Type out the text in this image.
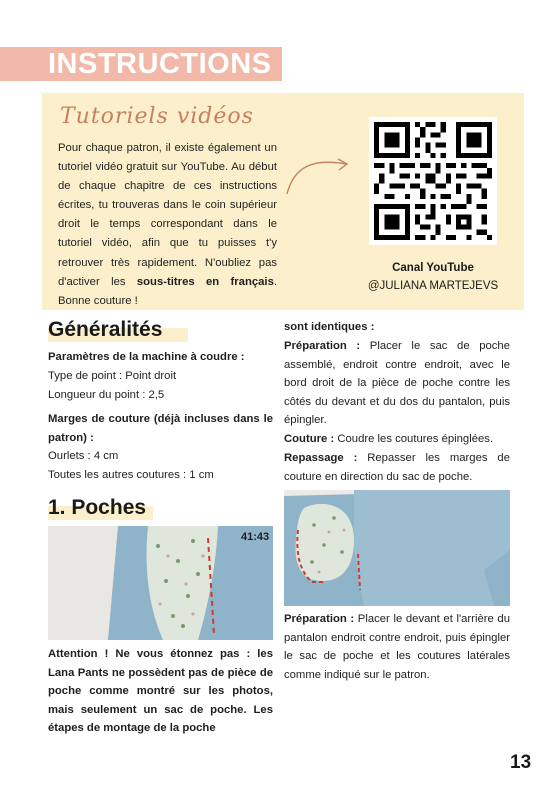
INSTRUCTIONS
Tutoriels vidéos
Pour chaque patron, il existe également un tutoriel vidéo gratuit sur YouTube. Au début de chaque chapitre de ces instructions écrites, tu trouveras dans le coin supérieur droit le temps correspondant dans le tutoriel vidéo, afin que tu puisses t'y retrouver très rapidement. N'oubliez pas d'activer les sous-titres en français. Bonne couture !
Canal YouTube
@JULIANA MARTEJEVS
Généralités
Paramètres de la machine à coudre :
Type de point : Point droit
Longueur du point : 2,5
Marges de couture (déjà incluses dans le patron) :
Ourlets : 4 cm
Toutes les autres coutures : 1 cm
1. Poches
41:43
Attention ! Ne vous étonnez pas : les Lana Pants ne possèdent pas de pièce de poche comme montré sur les photos, mais seulement un sac de poche. Les étapes de montage de la poche
sont identiques :
Préparation : Placer le sac de poche assemblé, endroit contre endroit, avec le bord droit de la pièce de poche contre les côtés du devant et du dos du pantalon, puis épingler.
Couture : Coudre les coutures épinglées.
Repassage : Repasser les marges de couture en direction du sac de poche.
Préparation : Placer le devant et l'arrière du pantalon endroit contre endroit, puis épingler le sac de poche et les coutures latérales comme indiqué sur le patron.
13
